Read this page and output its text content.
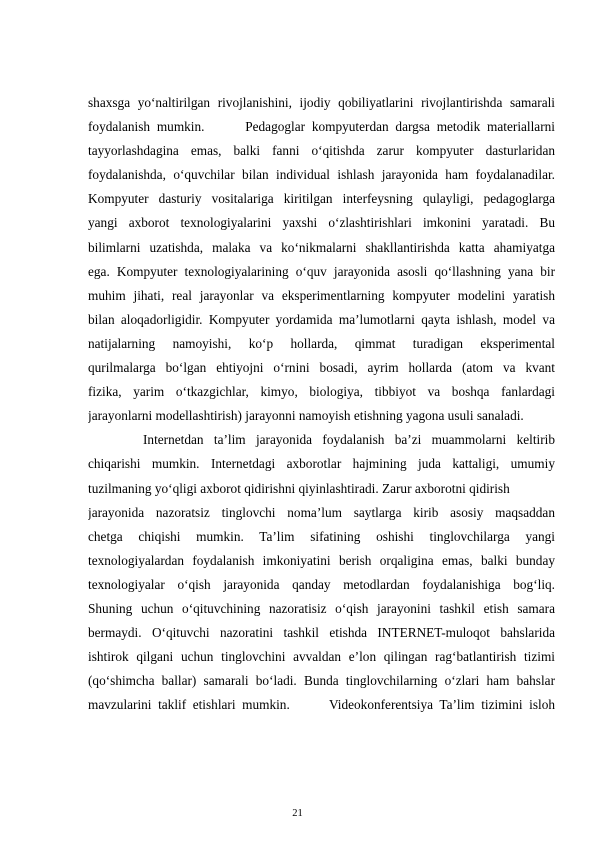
shaxsga yo‘naltirilgan rivojlanishini, ijodiy qobiliyatlarini rivojlantirishda samarali
foydalanish mumkin.      Pedagoglar kompyuterdan dargsa metodik materiallarni
tayyorlashdagina emas, balki fanni o‘qitishda zarur kompyuter dasturlaridan
foydalanishda, o‘quvchilar bilan individual ishlash jarayonida ham foydalanadilar.
Kompyuter dasturiy vositalariga kiritilgan interfeysning qulayligi, pedagoglarga
yangi axborot texnologiyalarini yaxshi o‘zlashtirishlari imkonini yaratadi. Bu
bilimlarni uzatishda, malaka va ko‘nikmalarni shakllantirishda katta ahamiyatga
ega. Kompyuter texnologiyalarining o‘quv jarayonida asosli qo‘llashning yana bir
muhim jihati, real jarayonlar va eksperimentlarning kompyuter modelini yaratish
bilan aloqadorligidir. Kompyuter yordamida ma’lumotlarni qayta ishlash, model va
natijalarning namoyishi, ko‘p hollarda, qimmat turadigan eksperimental
qurilmalarga bo‘lgan ehtiyojni o‘rnini bosadi, ayrim hollarda (atom va kvant
fizika, yarim o‘tkazgichlar, kimyo, biologiya, tibbiyot va boshqa fanlardagi
jarayonlarni modellashtirish) jarayonni namoyish etishning yagona usuli sanaladi.
Internetdan ta’lim jarayonida foydalanish ba’zi muammolarni keltirib
chiqarishi mumkin. Internetdagi axborotlar hajmining juda kattaligi, umumiy
tuzilmaning yo‘qligi axborot qidirishni qiyinlashtiradi. Zarur axborotni qidirish
jarayonida nazoratsiz tinglovchi noma’lum saytlarga kirib asosiy maqsaddan
chetga chiqishi mumkin. Ta’lim sifatining oshishi tinglovchilarga yangi
texnologiyalardan foydalanish imkoniyatini berish orqaligina emas, balki bunday
texnologiyalar o‘qish jarayonida qanday metodlardan foydalanishiga bog‘liq.
Shuning uchun o‘qituvchining nazoratisiz o‘qish jarayonini tashkil etish samara
bermaydi. O‘qituvchi nazoratini tashkil etishda INTERNET-muloqot bahslarida
ishtirok qilgani uchun tinglovchini avvaldan e’lon qilingan rag‘batlantirish tizimi
(qo‘shimcha ballar) samarali bo‘ladi. Bunda tinglovchilarning o‘zlari ham bahslar
mavzularini taklif etishlari mumkin.      Videokonferentsiya Ta’lim tizimini isloh
21
